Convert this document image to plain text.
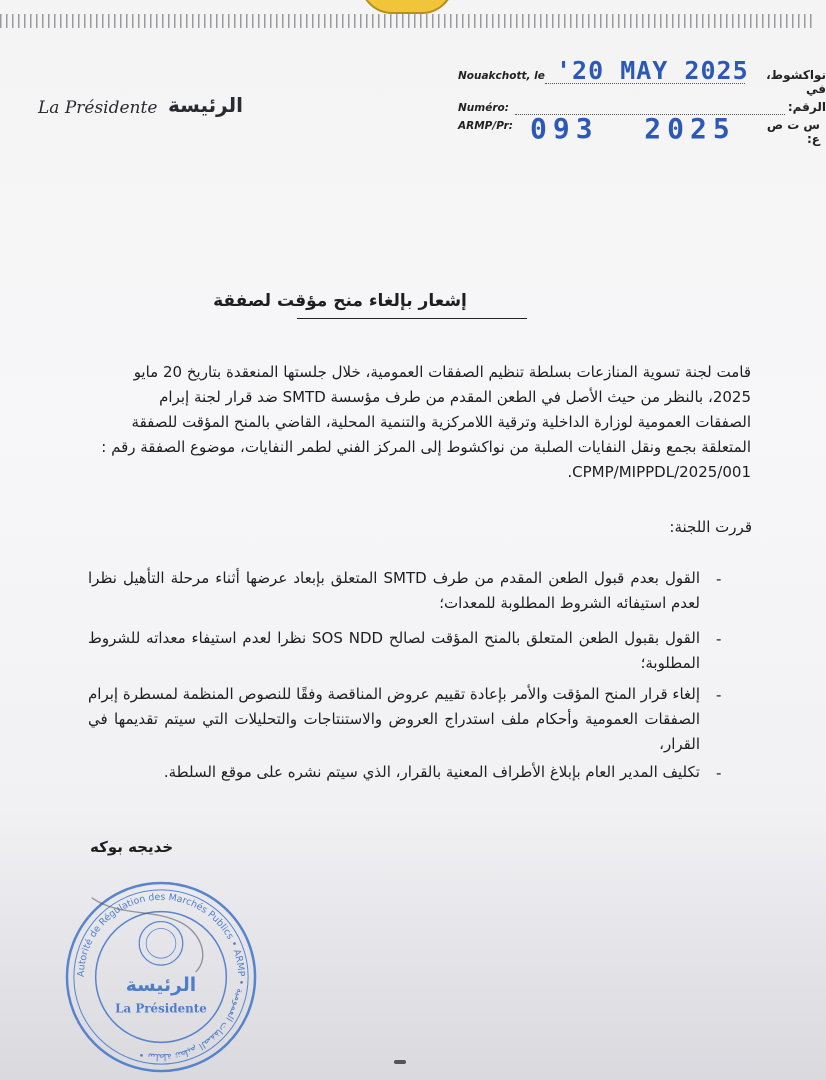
La Présidente الرئيسة
Nouakchott, le	نواكشوط، في
'20 MAY 2025
Numéro:	الرقم:
ARMP/Pr:	س ت ص ع:
093  2025
إشعار بإلغاء منح مؤقت لصفقة
قامت لجنة تسوية المنازعات بسلطة تنظيم الصفقات العمومية، خلال جلستها المنعقدة بتاريخ 20 مايو
2025، بالنظر من حيث الأصل في الطعن المقدم من طرف مؤسسة SMTD ضد قرار لجنة إبرام
الصفقات العمومية لوزارة الداخلية وترقية اللامركزية والتنمية المحلية، القاضي بالمنح المؤقت للصفقة
المتعلقة بجمع ونقل النفايات الصلبة من نواكشوط إلى المركز الفني لطمر النفايات، موضوع الصفقة رقم :
001/CPMP/MIPPDL/2025.
قررت اللجنة:
-
القول بعدم قبول الطعن المقدم من طرف SMTD المتعلق بإبعاد عرضها أثناء مرحلة التأهيل نظرا لعدم استيفائه الشروط المطلوبة للمعدات؛
-
القول بقبول الطعن المتعلق بالمنح المؤقت لصالح SOS NDD نظرا لعدم استيفاء معداته للشروط المطلوبة؛
-
إلغاء قرار المنح المؤقت والأمر بإعادة تقييم عروض المناقصة وفقًا للنصوص المنظمة لمسطرة إبرام الصفقات العمومية وأحكام ملف استدراج العروض والاستنتاجات والتحليلات التي سيتم تقديمها في القرار،
-
تكليف المدير العام بإبلاغ الأطراف المعنية بالقرار، الذي سيتم نشره على موقع السلطة.
خديجه بوكه
Autorité de Régulation des Marchés Publics • ARMP • سلطة تنظيم الصفقات العمومية •
الرئيسة
La Présidente
